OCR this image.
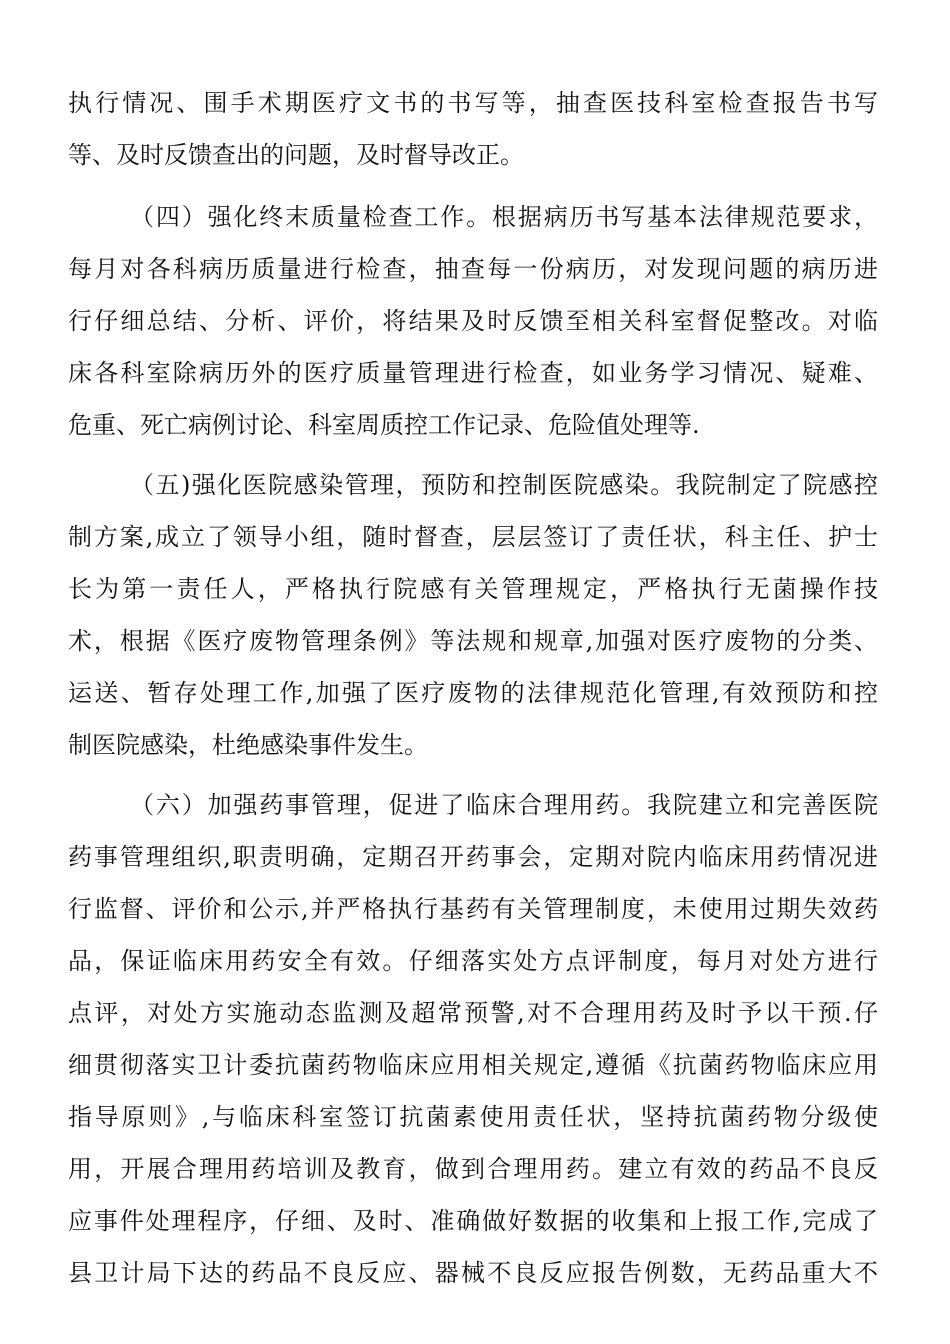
执行情况、围手术期医疗文书的书写等，抽查医技科室检查报告书写
等、及时反馈查出的问题，及时督导改正。
（四）强化终末质量检查工作。根据病历书写基本法律规范要求，
每月对各科病历质量进行检查，抽查每一份病历，对发现问题的病历进
行仔细总结、分析、评价，将结果及时反馈至相关科室督促整改。对临
床各科室除病历外的医疗质量管理进行检查，如业务学习情况、疑难、
危重、死亡病例讨论、科室周质控工作记录、危险值处理等.
（五)强化医院感染管理，预防和控制医院感染。我院制定了院感控
制方案,成立了领导小组，随时督查，层层签订了责任状，科主任、护士
长为第一责任人，严格执行院感有关管理规定，严格执行无菌操作技
术，根据《医疗废物管理条例》等法规和规章,加强对医疗废物的分类、
运送、暂存处理工作,加强了医疗废物的法律规范化管理,有效预防和控
制医院感染，杜绝感染事件发生。
（六）加强药事管理，促进了临床合理用药。我院建立和完善医院
药事管理组织,职责明确，定期召开药事会，定期对院内临床用药情况进
行监督、评价和公示,并严格执行基药有关管理制度，未使用过期失效药
品，保证临床用药安全有效。仔细落实处方点评制度，每月对处方进行
点评，对处方实施动态监测及超常预警,对不合理用药及时予以干预.仔
细贯彻落实卫计委抗菌药物临床应用相关规定,遵循《抗菌药物临床应用
指导原则》,与临床科室签订抗菌素使用责任状，坚持抗菌药物分级使
用，开展合理用药培训及教育，做到合理用药。建立有效的药品不良反
应事件处理程序，仔细、及时、准确做好数据的收集和上报工作,完成了
县卫计局下达的药品不良反应、器械不良反应报告例数，无药品重大不
